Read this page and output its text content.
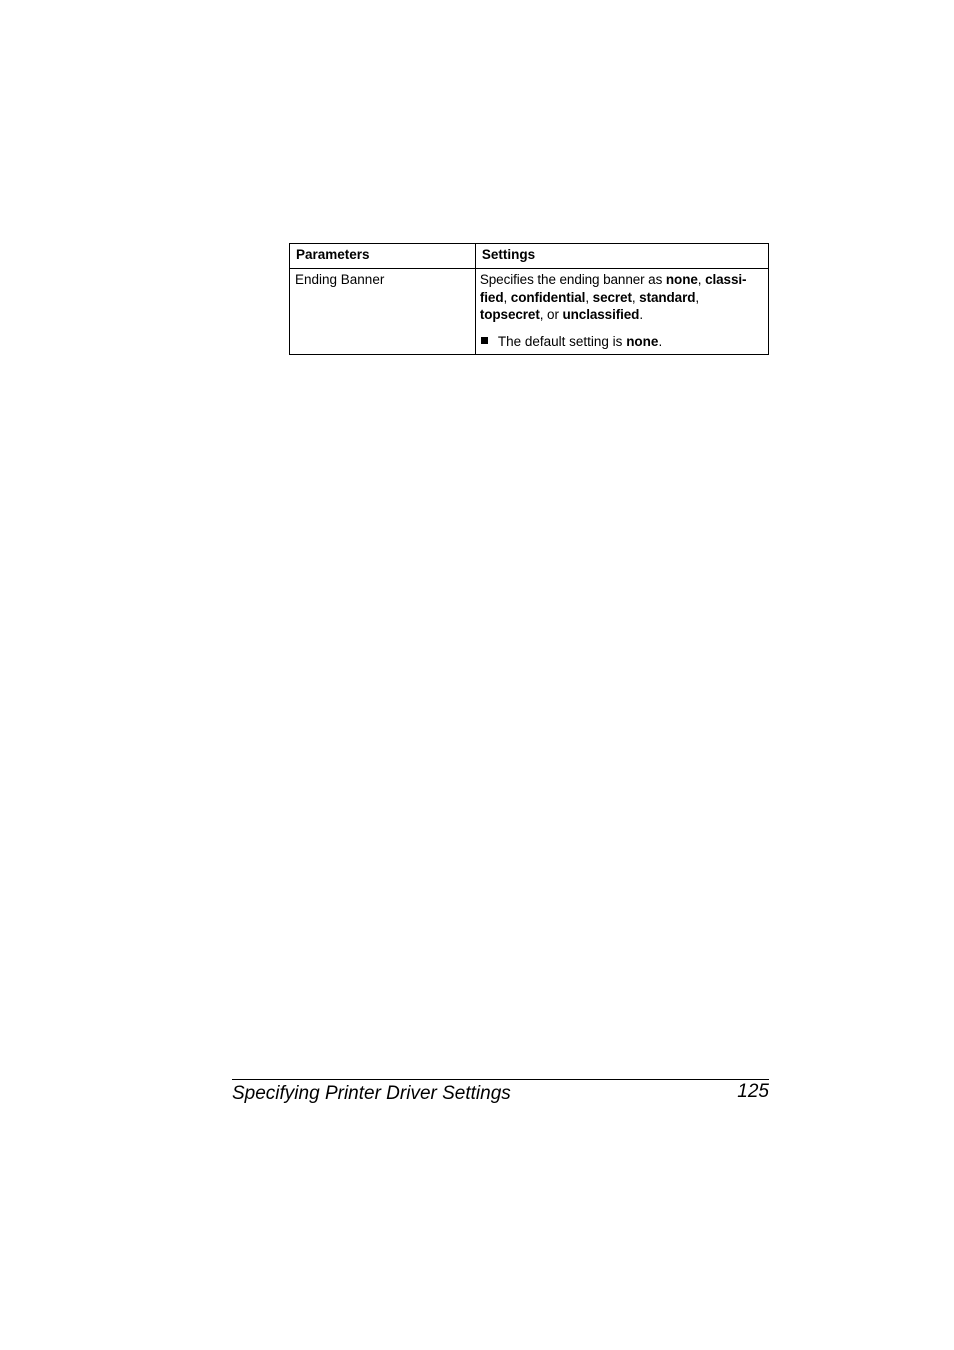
Parameters	Settings
Ending Banner	Specifies the ending banner as none, classi-fied, confidential, secret, standard, topsecret, or unclassified.

The default setting is none.

Specifying Printer Driver Settings	125
